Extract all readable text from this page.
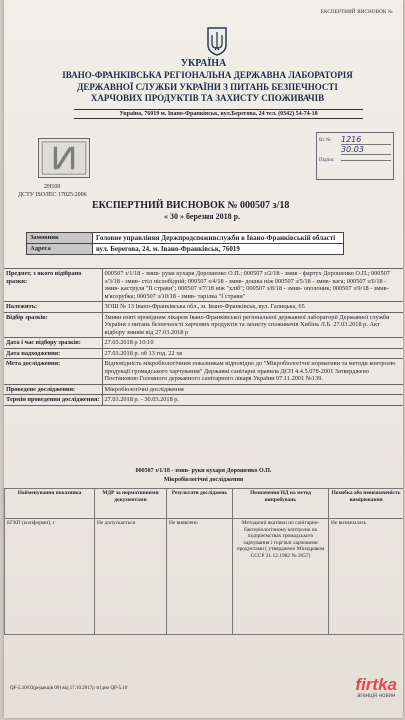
ЕКСПЕРТНИЙ ВИСНОВОК №
УКРАЇНА
ІВАНО-ФРАНКІВСЬКА РЕГІОНАЛЬНА ДЕРЖАВНА ЛАБОРАТОРІЯ
ДЕРЖАВНОЇ СЛУЖБИ УКРАЇНИ З ПИТАНЬ БЕЗПЕЧНОСТІ
ХАРЧОВИХ ПРОДУКТІВ ТА ЗАХИСТУ СПОЖИВАЧІВ
Україна, 76019 м. Івано-Франківськ, вул.Берегова, 24 тел. (0342) 54-74-18
2Н100
ДСТУ ISO/IEC 17025:2006
Вх №	1216
30.03
Підпис
ЕКСПЕРТНИЙ ВИСНОВОК № 000507 з/18
« 30 » березня 2018 р.
Замовник	Головне управління Держпродспоживслужби в Івано-Франківській області
Адреса	вул. Берегова, 24, м. Івано-Франківськ, 76019
Предмет, з якого відібрано зразки:	000507 з/1/18 - змив- руки кухаря Дорошенко О.П.; 000507 з/2/18 - змив - фартух Дорошенко О.П.; 000507 з/3/18 - змив- стіл післобідній; 000507 з/4/18 - змив- дошка ніж 000507 з/5/18 - змив- вага; 000507 з/6/18 - змив- каструля "ІІ страви"; 000507 з/7/18 ніж "хліб"; 000507 з/8/18 - змив- ополоник; 000507 з/9/18 - змив- м'ясорубка; 000507 з/10/18 - змив- тарілка "І страви"
Належить:	ЗОШ № 13 Івано-Франківська обл., м. Івано-Франківськ, вул. Галицька, 65
Відбір зразків:	Змиви взяті провідним лікарем Івано-Франківської регіональної державної лабораторії Державної служби України з питань безпечності харчових продуктів та захисту споживачів Хибінь Л.Б. 27.03.2018 р. Акт відбору змивів від 27.03.2018 р
Дата і час відбору зразків:	27.03.2018 р 10:10
Дата надходження:	27.03.2018 р. об 13 год. 22 хв
Мета дослідження:	Відповідність мікробіологічним показникам відповідно до "Мікробіологічні нормативи та методи контролю продукції громадського харчування" Державні санітарні правила ДСП 4.4.5.078-2001 Затверджено Постановою Головного державного санітарного лікаря України 07.11.2001 №139.
Проведене дослідження:	Мікробіологічні дослідження
Термін проведення дослідження:	27.03.2018 р. - 30.03.2018 р.
000507 з/1/18 - змив- руки кухаря Дорошенко О.П.
Мікробіологічні дослідження
Найменування показника	МДР за нормативними документами	Результати досліджень	Позначення НД на метод випробувань	Похибка або невизначеність вимірювання
БГКП (коліформи), г	Не допускається	Не виявлено	Методичні вказівки по санітарно-бактеріологічному контролю на підприємствах громадського харчування і торгівлі харчовими продуктами ( утверджено Мінздравом СССР 31.12.1982 № 2657)	Не визначалась
QF-5.10/03(редакція 06) від 17.10.2017р згідно QP-5.10	firtka
агенція новин
